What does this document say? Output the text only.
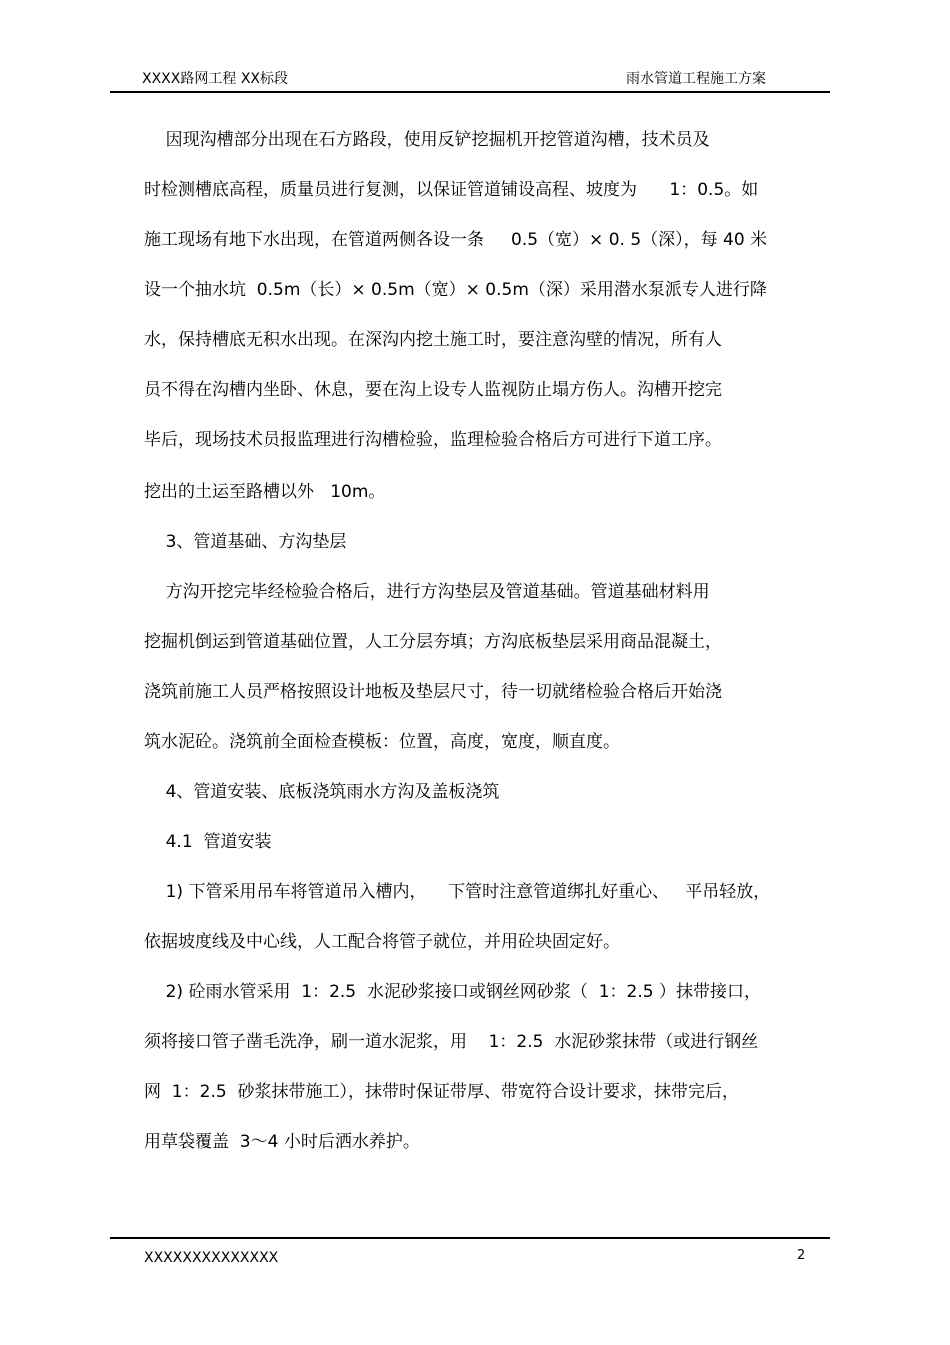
XXXX路网工程 XX标段	雨水管道工程施工方案
因现沟槽部分出现在石方路段，使用反铲挖掘机开挖管道沟槽，技术员及
时检测槽底高程，质量员进行复测，以保证管道铺设高程、坡度为      1：0.5。如
施工现场有地下水出现，在管道两侧各设一条     0.5（宽）× 0. 5（深），每 40 米
设一个抽水坑  0.5m（长）× 0.5m（宽）× 0.5m（深）采用潜水泵派专人进行降
水，保持槽底无积水出现。在深沟内挖土施工时，要注意沟壁的情况，所有人
员不得在沟槽内坐卧、休息，要在沟上设专人监视防止塌方伤人。沟槽开挖完
毕后，现场技术员报监理进行沟槽检验，监理检验合格后方可进行下道工序。
挖出的土运至路槽以外   10m。
3、管道基础、方沟垫层
方沟开挖完毕经检验合格后，进行方沟垫层及管道基础。管道基础材料用
挖掘机倒运到管道基础位置，人工分层夯填；方沟底板垫层采用商品混凝土，
浇筑前施工人员严格按照设计地板及垫层尺寸，待一切就绪检验合格后开始浇
筑水泥砼。浇筑前全面检查模板：位置，高度，宽度，顺直度。
4、管道安装、底板浇筑雨水方沟及盖板浇筑
4.1  管道安装
1) 下管采用吊车将管道吊入槽内，    下管时注意管道绑扎好重心、   平吊轻放，
依据坡度线及中心线，人工配合将管子就位，并用砼块固定好。
2) 砼雨水管采用  1：2.5  水泥砂浆接口或钢丝网砂浆（  1：2.5 ）抹带接口，
须将接口管子凿毛洗净，刷一道水泥浆，用    1：2.5  水泥砂浆抹带（或进行钢丝
网  1：2.5  砂浆抹带施工），抹带时保证带厚、带宽符合设计要求，抹带完后，
用草袋覆盖  3～4 小时后洒水养护。
XXXXXXXXXXXXXX	2
